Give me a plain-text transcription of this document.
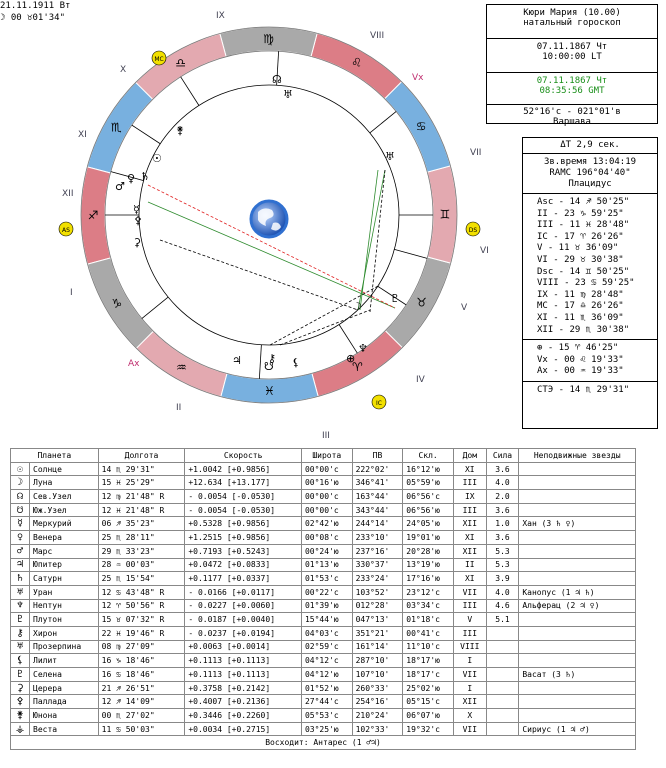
21.11.1911 Вт
☽ 00 ♉01'34"
♈
♉
♊
♋
♌
♍
♎
♏
♐
♑
♒
♓
IX
VIII
X
Vx
VII
XI
XII
VI
I
V
IV
II
III
Ax
AS	DS
MC
IC
☉
♀
♂
♄
☿
⚴
⚳
☊
♅
♆
☽
♇
⚷
☋ ⚸
♃
⚵
♅
⊕
Кюри Мария (10.00)
натальный гороскоп
07.11.1867 Чт
10:00:00 LT
07.11.1867 Чт
08:35:56 GMT
52°16'с - 021°01'в
Варшава
ΔT 2,9 сек.
Зв.время 13:04:19
RAMC 196°04'40"
Плацидус
Asc - 14 ♐ 50'25"
II - 23 ♑ 59'25"
III - 11 ♓ 28'48"
IC - 17 ♈ 26'26"
V - 11 ♉ 36'09"
VI - 29 ♉ 30'38"
Dsc - 14 ♊ 50'25"
VIII - 23 ♋ 59'25"
IX - 11 ♍ 28'48"
MC - 17 ♎ 26'26"
XI - 11 ♏ 36'09"
XII - 29 ♏ 30'38"
⊕ - 15 ♈ 46'25"
Vx - 00 ♌ 19'33"
Ax - 00 ♒ 19'33"
СТЭ - 14 ♏ 29'31"
Планета		Долгота	Скорость	Широта	ПВ	Скл.	Дом	Сила	Неподвижные звезды
☉	Солнце	14 ♏ 29'31"	+1.0042 [+0.9856]	00°00'с	222°02'	16°12'ю	XI	3.6	
☽	Луна	15 ♓ 25'29"	+12.634 [+13.177]	00°16'ю	346°41'	05°59'ю	III	4.0	
☊	Сев.Узел	12 ♍ 21'48" R	- 0.0054 [-0.0530]	00°00'с	163°44'	06°56'с	IX	2.0	
☋	Юж.Узел	12 ♓ 21'48" R	- 0.0054 [-0.0530]	00°00'с	343°44'	06°56'ю	III	3.6	
☿	Меркурий	06 ♐ 35'23"	+0.5328 [+0.9856]	02°42'ю	244°14'	24°05'ю	XII	1.0	Хан (3 ♄ ♀)
♀	Венера	25 ♏ 28'11"	+1.2515 [+0.9856]	00°08'с	233°10'	19°01'ю	XI	3.6	
♂	Марс	29 ♏ 33'23"	+0.7193 [+0.5243]	00°24'ю	237°16'	20°28'ю	XII	5.3	
♃	Юпитер	28 ♒ 00'03"	+0.0472 [+0.0833]	01°13'ю	330°37'	13°19'ю	II	5.3	
♄	Сатурн	25 ♏ 15'54"	+0.1177 [+0.0337]	01°53'с	233°24'	17°16'ю	XI	3.9	
♅	Уран	12 ♋ 43'48" R	- 0.0166 [+0.0117]	00°22'с	103°52'	23°12'с	VII	4.0	Канопус (1 ♃ ♄)
♆	Нептун	12 ♈ 50'56" R	- 0.0227 [+0.0060]	01°39'ю	012°28'	03°34'с	III	4.6	Альферац (2 ♃ ♀)
♇	Плутон	15 ♉ 07'32" R	- 0.0187 [+0.0040]	15°44'ю	047°13'	01°18'с	V	5.1	
⚷	Хирон	22 ♓ 19'46" R	- 0.0237 [+0.0194]	04°03'с	351°21'	00°41'с	III		
♅	Прозерпина	08 ♍ 27'09"	+0.0063 [+0.0014]	02°59'с	161°14'	11°10'с	VIII		
⚸	Лилит	16 ♑ 18'46"	+0.1113 [+0.1113]	04°12'с	287°10'	18°17'ю	I		
♇	Селена	16 ♋ 18'46"	+0.1113 [+0.1113]	04°12'ю	107°10'	18°17'с	VII		Васат (3 ♄)
⚳	Церера	21 ♐ 26'51"	+0.3758 [+0.2142]	01°52'ю	260°33'	25°02'ю	I		
⚴	Паллада	12 ♐ 14'09"	+0.4007 [+0.2136]	27°44'с	254°16'	05°15'с	XII		
⚵	Юнона	00 ♏ 27'02"	+0.3446 [+0.2260]	05°53'с	210°24'	06°07'ю	X		
⚶	Веста	11 ♋ 50'03"	+0.0034 [+0.2715]	03°25'ю	102°33'	19°32'с	VII		Сириус (1 ♃ ♂)
Восходит: Антарес (1 ♂♃)									
